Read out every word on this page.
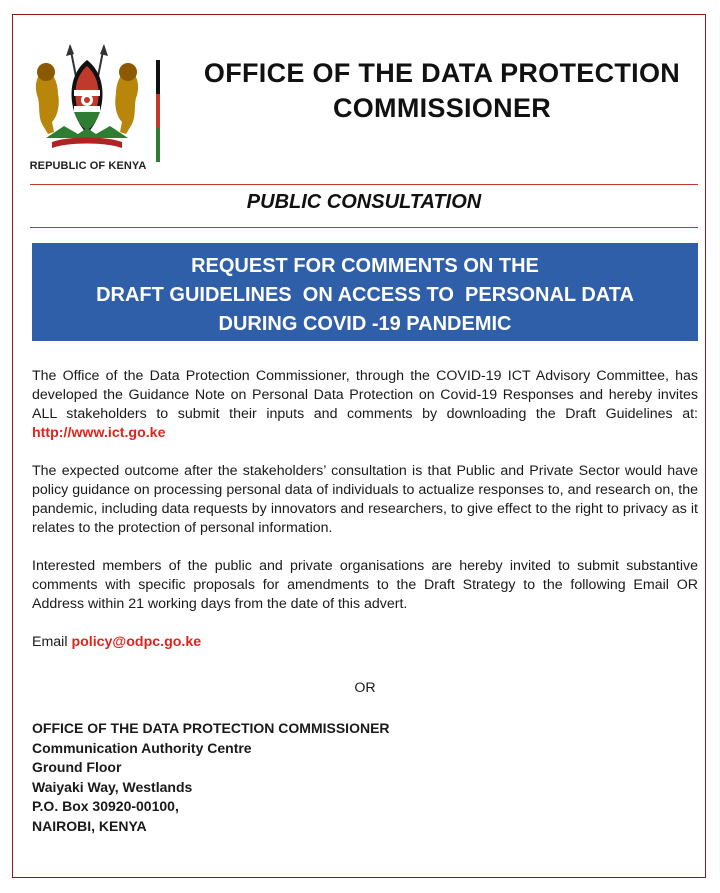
REPUBLIC OF KENYA
OFFICE OF THE DATA PROTECTION
COMMISSIONER
PUBLIC CONSULTATION
REQUEST FOR COMMENTS ON THE
DRAFT GUIDELINES  ON ACCESS TO  PERSONAL DATA
DURING COVID -19 PANDEMIC

The Office of the Data Protection Commissioner, through the COVID-19 ICT Advisory Committee, has developed the Guidance Note on Personal Data Protection on Covid-19 Responses and hereby invites ALL stakeholders to submit their inputs and comments by downloading the Draft Guidelines at: http://www.ict.go.ke

The expected outcome after the stakeholders’ consultation is that Public and Private Sector would have policy guidance on processing personal data of individuals to actualize responses to, and research on, the pandemic, including data requests by innovators and researchers, to give effect to the right to privacy as it relates to the protection of personal information.

Interested members of the public and private organisations are hereby invited to submit substantive comments with specific proposals for amendments to the Draft Strategy to the following Email OR Address within 21 working days from the date of this advert.

Email policy@odpc.go.ke
OR
OFFICE OF THE DATA PROTECTION COMMISSIONER
Communication Authority Centre
Ground Floor
Waiyaki Way, Westlands
P.O. Box 30920-00100,
NAIROBI, KENYA
